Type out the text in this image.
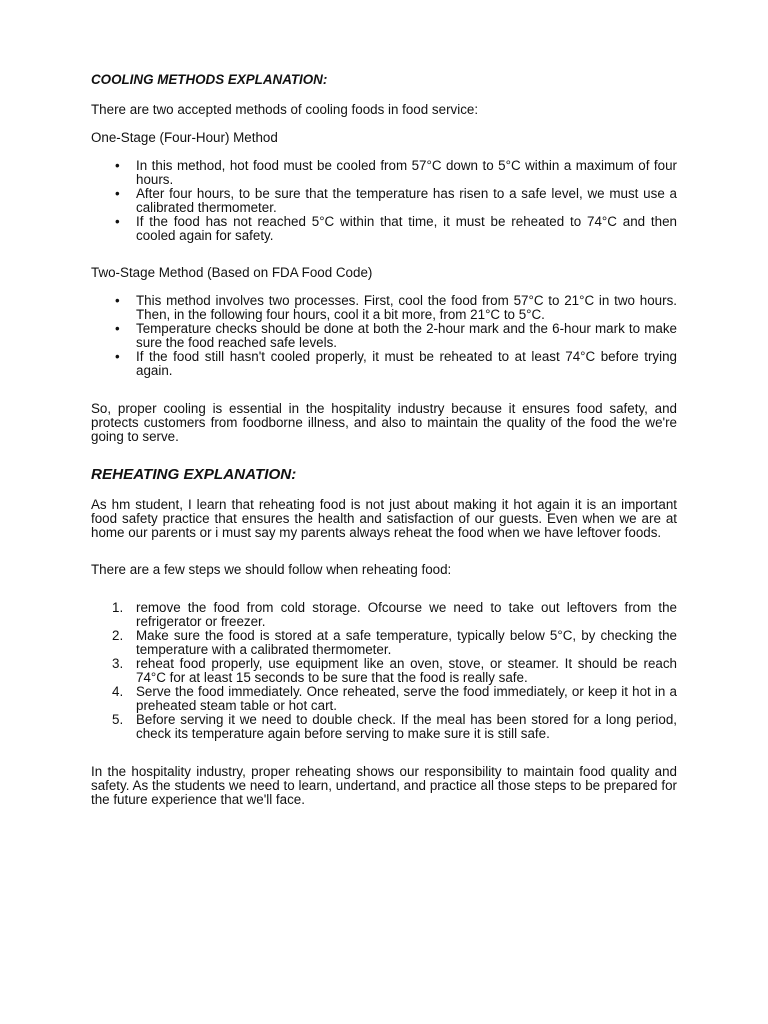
COOLING METHODS EXPLANATION:

There are two accepted methods of cooling foods in food service:

One-Stage (Four-Hour) Method

• In this method, hot food must be cooled from 57°C down to 5°C within a maximum of four hours.
• After four hours, to be sure that the temperature has risen to a safe level, we must use a calibrated thermometer.
• If the food has not reached 5°C within that time, it must be reheated to 74°C and then cooled again for safety.

Two-Stage Method (Based on FDA Food Code)

• This method involves two processes. First, cool the food from 57°C to 21°C in two hours. Then, in the following four hours, cool it a bit more, from 21°C to 5°C.
• Temperature checks should be done at both the 2-hour mark and the 6-hour mark to make sure the food reached safe levels.
• If the food still hasn't cooled properly, it must be reheated to at least 74°C before trying again.

So, proper cooling is essential in the hospitality industry because it ensures food safety, and protects customers from foodborne illness, and also to maintain the quality of the food the we're going to serve.

REHEATING EXPLANATION:

As hm student, I learn that reheating food is not just about making it hot again it is an important food safety practice that ensures the health and satisfaction of our guests. Even when we are at home our parents or i must say my parents always reheat the food when we have leftover foods.

There are a few steps we should follow when reheating food:

1. remove the food from cold storage. Ofcourse we need to take out leftovers from the refrigerator or freezer.
2. Make sure the food is stored at a safe temperature, typically below 5°C, by checking the temperature with a calibrated thermometer.
3. reheat food properly, use equipment like an oven, stove, or steamer. It should be reach 74°C for at least 15 seconds to be sure that the food is really safe.
4. Serve the food immediately. Once reheated, serve the food immediately, or keep it hot in a preheated steam table or hot cart.
5. Before serving it we need to double check. If the meal has been stored for a long period, check its temperature again before serving to make sure it is still safe.

In the hospitality industry, proper reheating shows our responsibility to maintain food quality and safety. As the students we need to learn, undertand, and practice all those steps to be prepared for the future experience that we'll face.
